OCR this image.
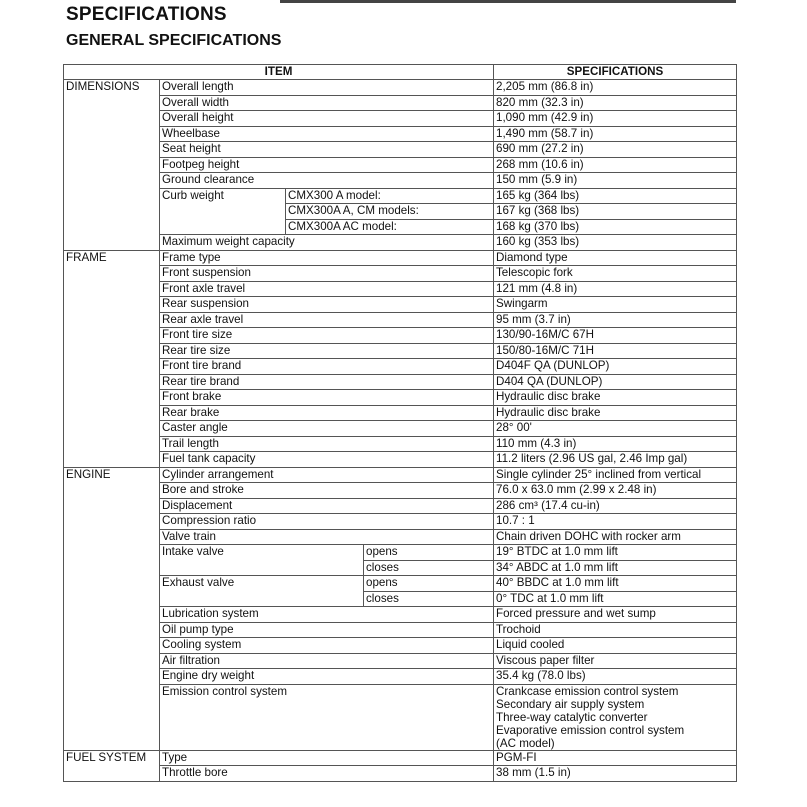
SPECIFICATIONS
GENERAL SPECIFICATIONS
ITEM				SPECIFICATIONS
DIMENSIONS	Overall length			2,205 mm (86.8 in)
	Overall width			820 mm (32.3 in)
	Overall height			1,090 mm (42.9 in)
	Wheelbase			1,490 mm (58.7 in)
	Seat height			690 mm (27.2 in)
	Footpeg height			268 mm (10.6 in)
	Ground clearance			150 mm (5.9 in)
	Curb weight	CMX300 A model:		165 kg (364 lbs)
		CMX300A A, CM models:		167 kg (368 lbs)
		CMX300A AC model:		168 kg (370 lbs)
	Maximum weight capacity			160 kg (353 lbs)
FRAME	Frame type			Diamond type
	Front suspension			Telescopic fork
	Front axle travel			121 mm (4.8 in)
	Rear suspension			Swingarm
	Rear axle travel			95 mm (3.7 in)
	Front tire size			130/90-16M/C 67H
	Rear tire size			150/80-16M/C 71H
	Front tire brand			D404F QA (DUNLOP)
	Rear tire brand			D404 QA (DUNLOP)
	Front brake			Hydraulic disc brake
	Rear brake			Hydraulic disc brake
	Caster angle			28° 00'
	Trail length			110 mm (4.3 in)
	Fuel tank capacity			11.2 liters (2.96 US gal, 2.46 Imp gal)
ENGINE	Cylinder arrangement			Single cylinder 25° inclined from vertical
	Bore and stroke			76.0 x 63.0 mm (2.99 x 2.48 in)
	Displacement			286 cm³ (17.4 cu-in)
	Compression ratio			10.7 : 1
	Valve train			Chain driven DOHC with rocker arm
	Intake valve		opens	19° BTDC at 1.0 mm lift
			closes	34° ABDC at 1.0 mm lift
	Exhaust valve		opens	40° BBDC at 1.0 mm lift
			closes	0° TDC at 1.0 mm lift
	Lubrication system			Forced pressure and wet sump
	Oil pump type			Trochoid
	Cooling system			Liquid cooled
	Air filtration			Viscous paper filter
	Engine dry weight			35.4 kg (78.0 lbs)
	Emission control system			Crankcase emission control system
Secondary air supply system
Three-way catalytic converter
Evaporative emission control system
(AC model)

FUEL SYSTEM	Type			PGM-FI
	Throttle bore			38 mm (1.5 in)
